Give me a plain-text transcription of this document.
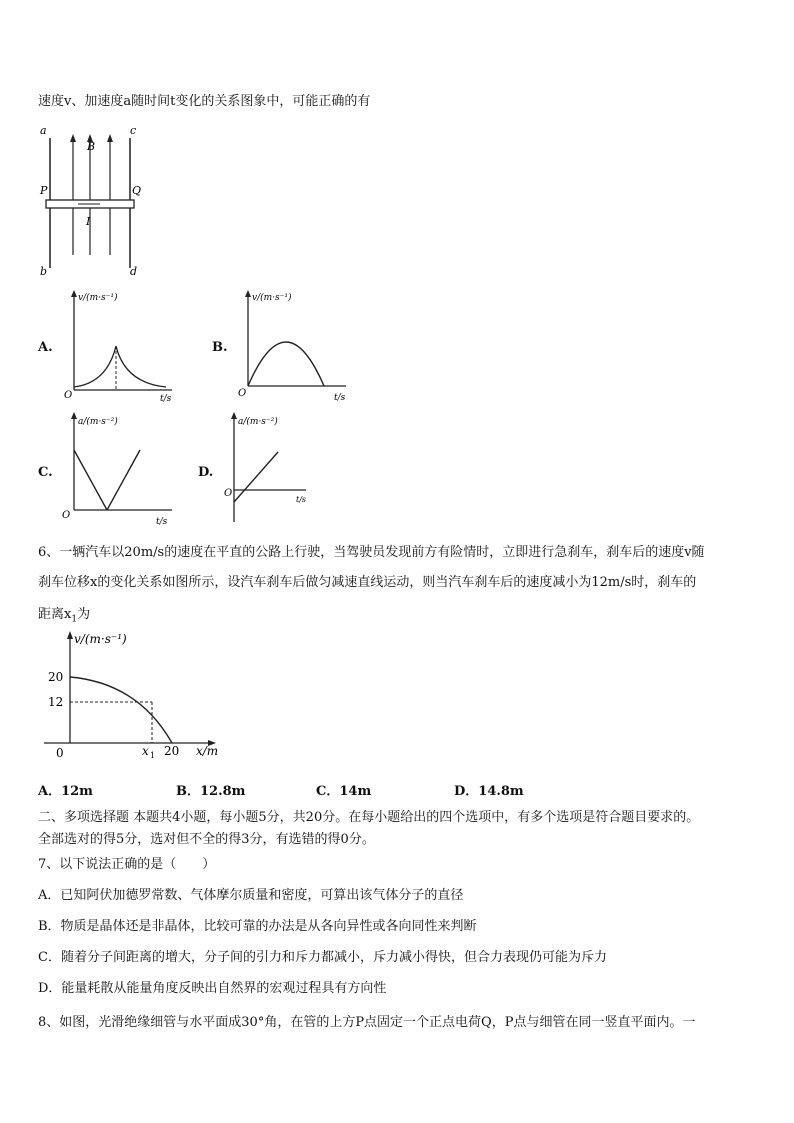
速度v、加速度a随时间t变化的关系图象中，可能正确的有
a	c
b	d
B
P	Q
I
A.
v/(m·s⁻¹)
O	t/s
B.
v/(m·s⁻¹)
O	t/s
C.
a/(m·s⁻²)
O
t/s
D.
a/(m·s⁻²)
O
t/s
6、一辆汽车以20m/s的速度在平直的公路上行驶，当驾驶员发现前方有险情时，立即进行急刹车，刹车后的速度v随
刹车位移x的变化关系如图所示，设汽车刹车后做匀减速直线运动，则当汽车刹车后的速度减小为12m/s时，刹车的
距离$x_1$为
v/(m·s⁻¹)
20
12
0	x 1 20 x/m
A．12m	B．12.8m	C．14m	D．14.8m
二、多项选择题 本题共4小题，每小题5分，共20分。在每小题给出的四个选项中，有多个选项是符合题目要求的。
全部选对的得5分，选对但不全的得3分，有选错的得0分。
7、以下说法正确的是（　　）
A．已知阿伏加德罗常数、气体摩尔质量和密度，可算出该气体分子的直径
B．物质是晶体还是非晶体，比较可靠的办法是从各向异性或各向同性来判断
C．随着分子间距离的增大，分子间的引力和斥力都减小，斥力减小得快，但合力表现仍可能为斥力
D．能量耗散从能量角度反映出自然界的宏观过程具有方向性
8、如图，光滑绝缘细管与水平面成30°角，在管的上方P点固定一个正点电荷Q，P点与细管在同一竖直平面内。一
